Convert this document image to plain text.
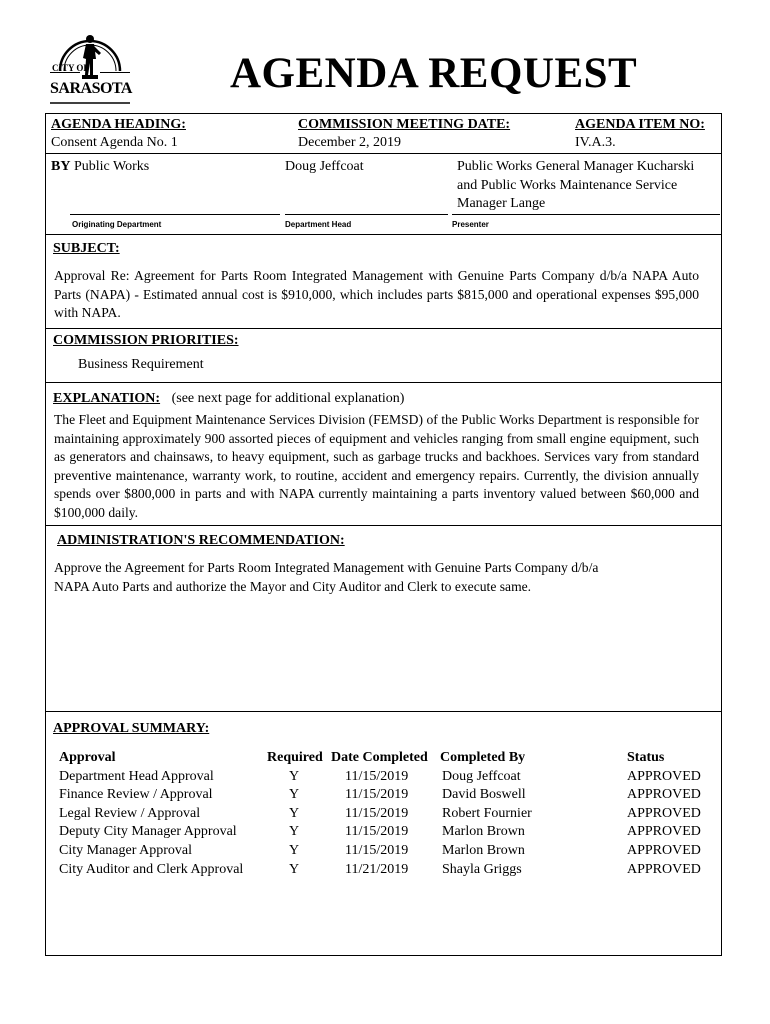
CITY OF
SARASOTA AGENDA REQUEST
AGENDA HEADING:
Consent Agenda No. 1
COMMISSION MEETING DATE:
December 2, 2019
AGENDA ITEM NO:
IV.A.3.
BY Public Works	Doug Jeffcoat	Public Works General Manager Kucharski
and Public Works Maintenance Service
Manager Lange
Originating Department	Department Head	Presenter
SUBJECT:
Approval Re: Agreement for Parts Room Integrated Management with Genuine Parts Company d/b/a NAPA Auto Parts (NAPA) - Estimated annual cost is $910,000, which includes parts $815,000 and operational expenses $95,000 with NAPA.
COMMISSION PRIORITIES:
Business Requirement
EXPLANATION: (see next page for additional explanation)
The Fleet and Equipment Maintenance Services Division (FEMSD) of the Public Works Department is responsible for maintaining approximately 900 assorted pieces of equipment and vehicles ranging from small engine equipment, such as generators and chainsaws, to heavy equipment, such as garbage trucks and backhoes. Services vary from standard preventive maintenance, warranty work, to routine, accident and emergency repairs. Currently, the division annually spends over $800,000 in parts and with NAPA currently maintaining a parts inventory valued between $60,000 and $100,000 daily.
ADMINISTRATION'S RECOMMENDATION:
Approve the Agreement for Parts Room Integrated Management with Genuine Parts Company d/b/a
NAPA Auto Parts and authorize the Mayor and City Auditor and Clerk to execute same.
APPROVAL SUMMARY:
Approval	Required	Date Completed	Completed By	Status
Department Head Approval	Y	11/15/2019	Doug Jeffcoat	APPROVED
Finance Review / Approval	Y	11/15/2019	David Boswell	APPROVED
Legal Review / Approval	Y	11/15/2019	Robert Fournier	APPROVED
Deputy City Manager Approval	Y	11/15/2019	Marlon Brown	APPROVED
City Manager Approval	Y	11/15/2019	Marlon Brown	APPROVED
City Auditor and Clerk Approval	Y	11/21/2019	Shayla Griggs	APPROVED
